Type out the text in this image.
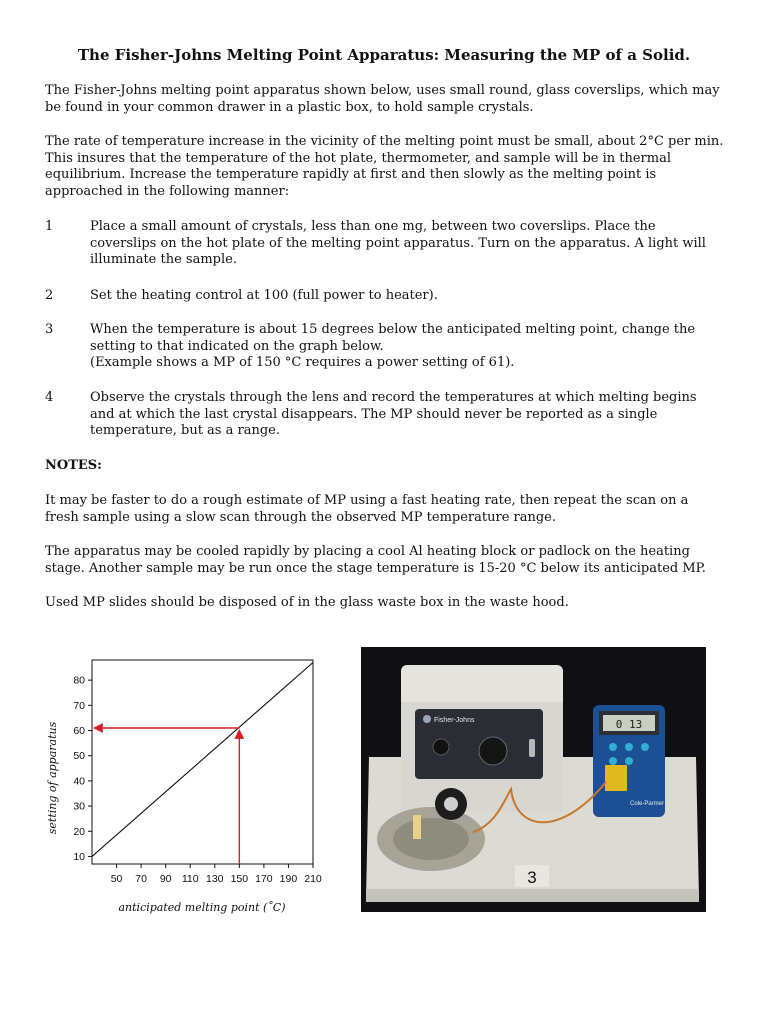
The Fisher-Johns Melting Point Apparatus: Measuring the MP of a Solid.

The Fisher-Johns melting point apparatus shown below, uses small round, glass coverslips, which may be found in your common drawer in a plastic box, to hold sample crystals.

The rate of temperature increase in the vicinity of the melting point must be small, about 2°C per min. This insures that the temperature of the hot plate, thermometer, and sample will be in thermal equilibrium. Increase the temperature rapidly at first and then slowly as the melting point is approached in the following manner:

1	Place a small amount of crystals, less than one mg, between two coverslips. Place the coverslips on the hot plate of the melting point apparatus. Turn on the apparatus. A light will illuminate the sample.
2	Set the heating control at 100 (full power to heater).
3	When the temperature is about 15 degrees below the anticipated melting point, change the setting to that indicated on the graph below.
(Example shows a MP of 150 °C requires a power setting of 61).
4	Observe the crystals through the lens and record the temperatures at which melting begins and at which the last crystal disappears. The MP should never be reported as a single temperature, but as a range.

NOTES:

It may be faster to do a rough estimate of MP using a fast heating rate, then repeat the scan on a fresh sample using a slow scan through the observed MP temperature range.

The apparatus may be cooled rapidly by placing a cool Al heating block or padlock on the heating stage. Another sample may be run once the stage temperature is 15-20 °C below its anticipated MP.

Used MP slides should be disposed of in the glass waste box in the waste hood.

10
20
30
40
50
60
70
80
50 70 90 110 130 150 170 190 210
anticipated melting point (˚C)
setting of apparatus
Fisher-Johns	0 13
Cole-Parmer
3
